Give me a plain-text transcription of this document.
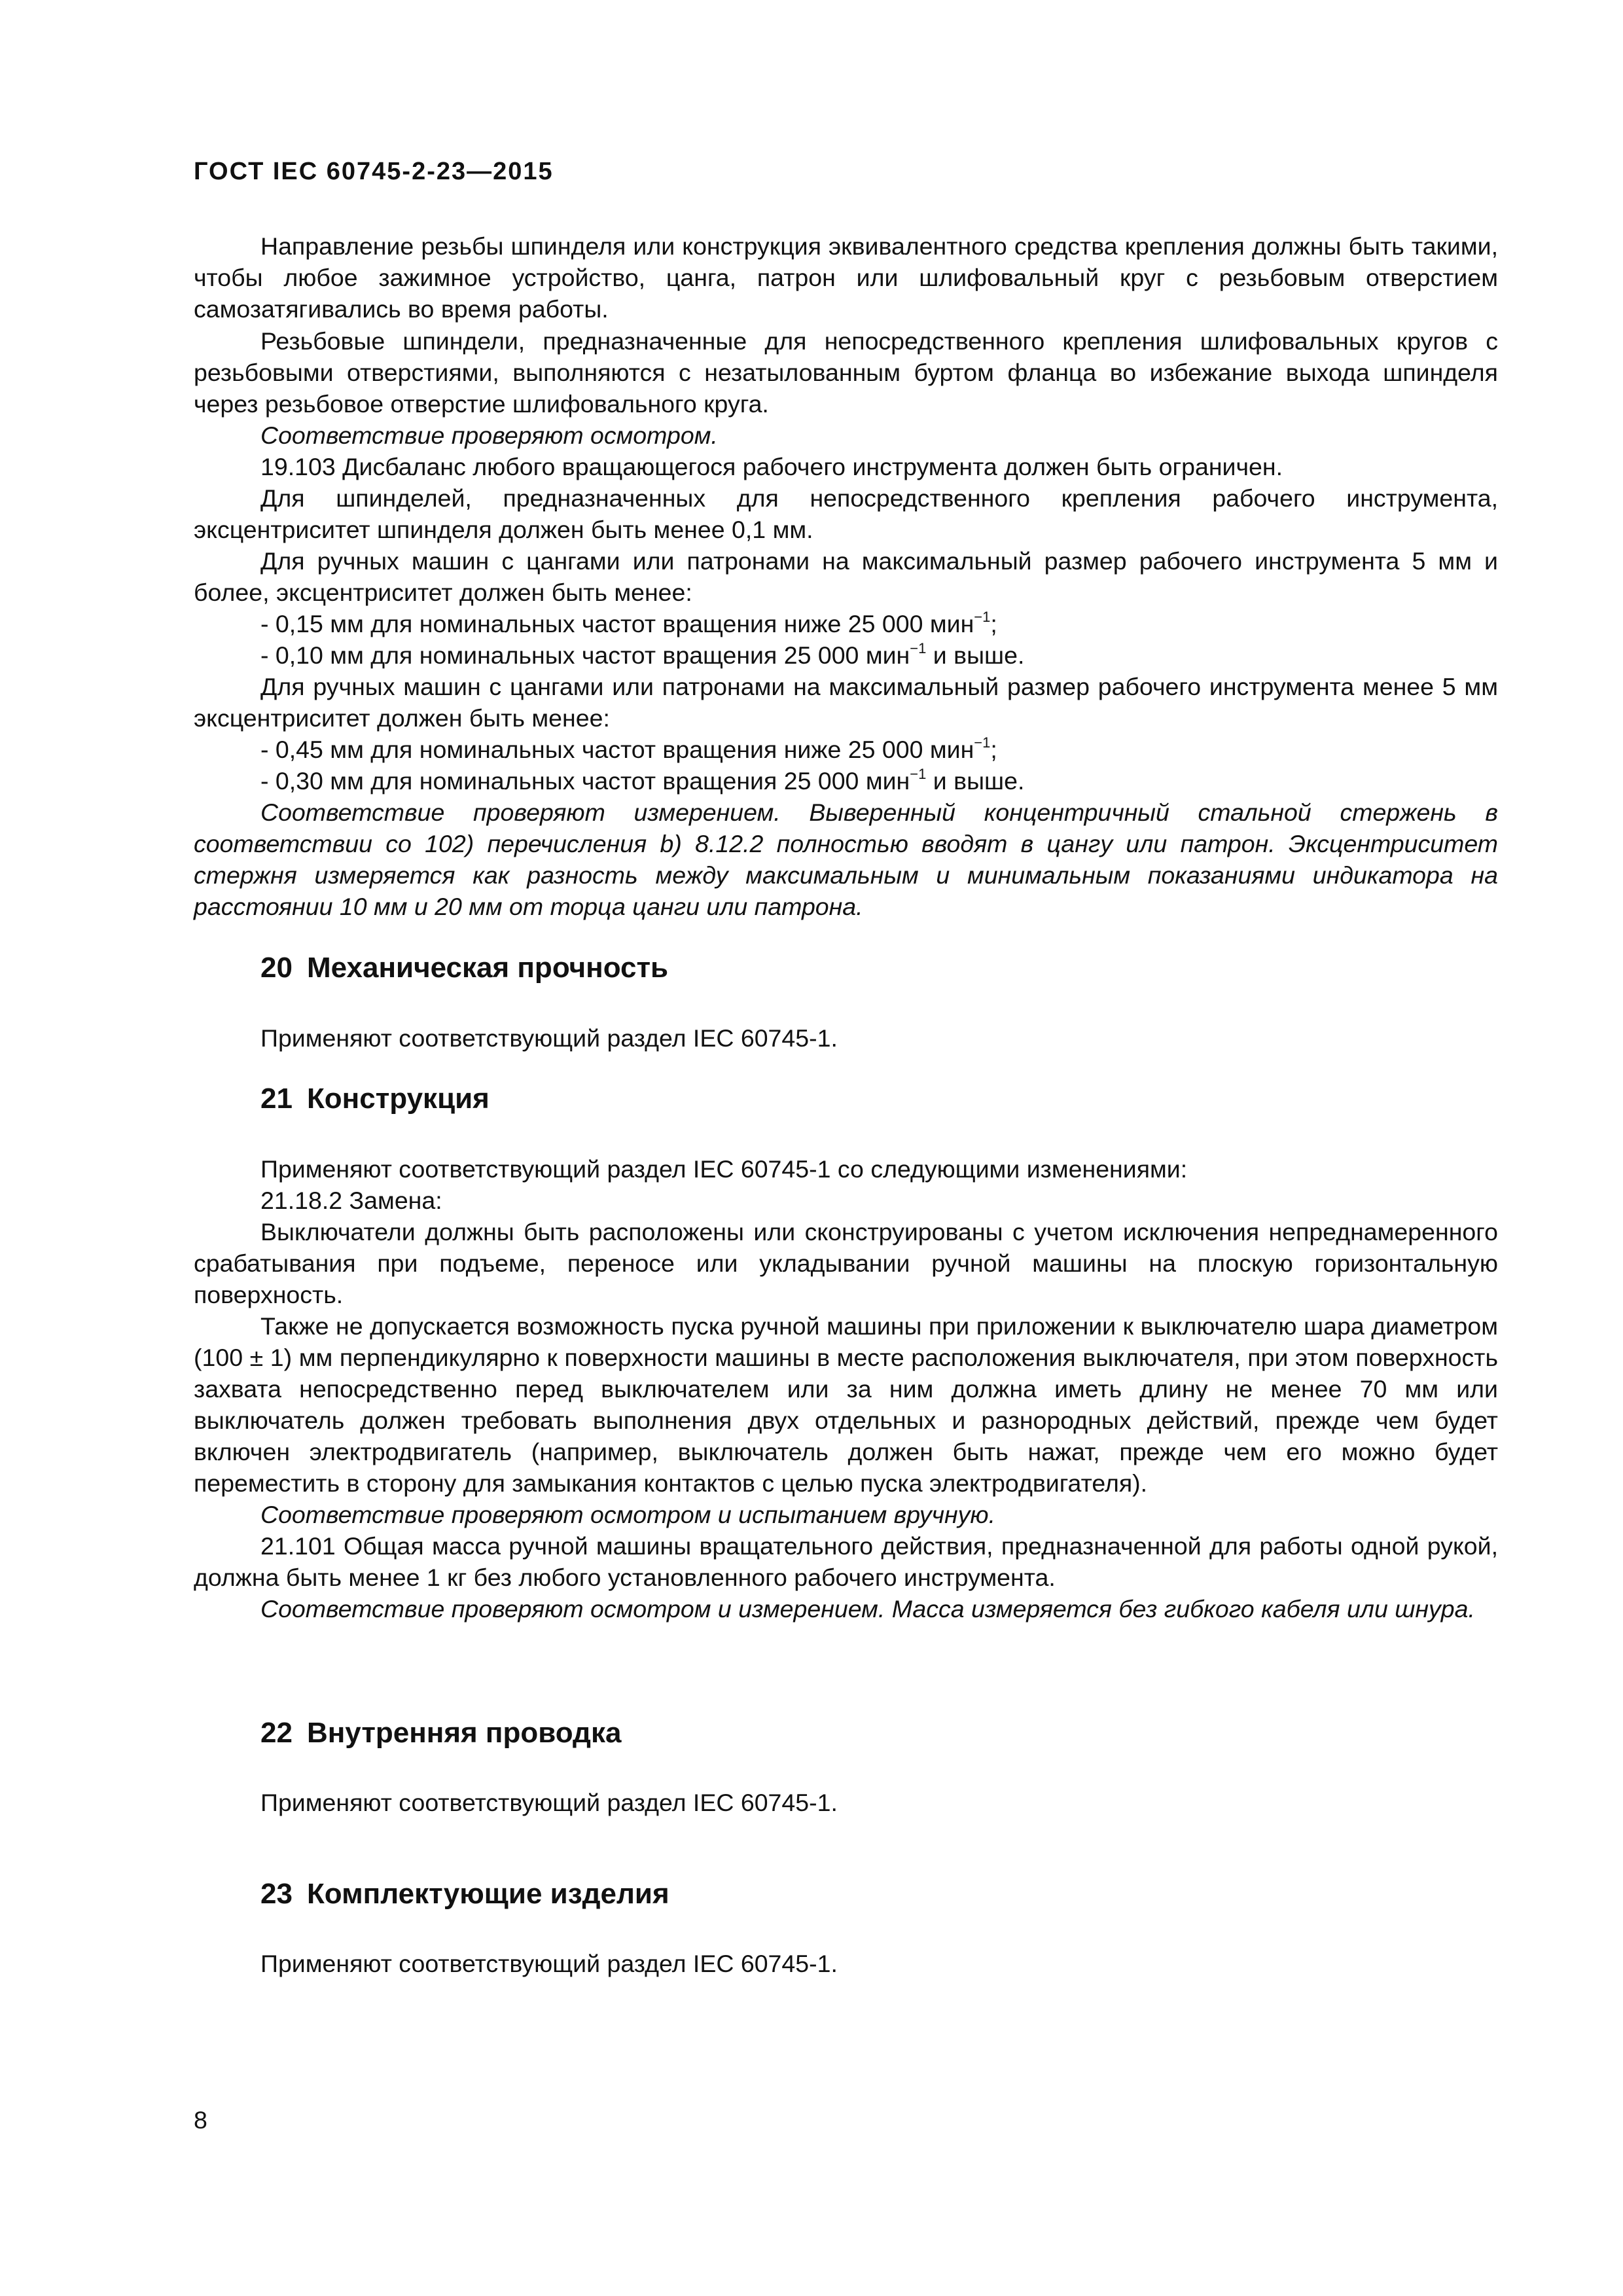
ГОСТ IEC 60745-2-23—2015
Направление резьбы шпинделя или конструкция эквивалентного средства крепления должны быть такими, чтобы любое зажимное устройство, цанга, патрон или шлифовальный круг с резьбовым отверстием самозатягивались во время работы.
Резьбовые шпиндели, предназначенные для непосредственного крепления шлифовальных кругов с резьбовыми отверстиями, выполняются с незатылованным буртом фланца во избежание выхода шпинделя через резьбовое отверстие шлифовального круга.
Соответствие проверяют осмотром.
19.103 Дисбаланс любого вращающегося рабочего инструмента должен быть ограничен.
Для шпинделей, предназначенных для непосредственного крепления рабочего инструмента, эксцентриситет шпинделя должен быть менее 0,1 мм.
Для ручных машин с цангами или патронами на максимальный размер рабочего инструмента 5 мм и более, эксцентриситет должен быть менее:
- 0,15 мм для номинальных частот вращения ниже 25 000 мин$^{-1}$;
- 0,10 мм для номинальных частот вращения 25 000 мин$^{-1}$ и выше.
Для ручных машин с цангами или патронами на максимальный размер рабочего инструмента менее 5 мм эксцентриситет должен быть менее:
- 0,45 мм для номинальных частот вращения ниже 25 000 мин$^{-1}$;
- 0,30 мм для номинальных частот вращения 25 000 мин$^{-1}$ и выше.
Соответствие проверяют измерением. Выверенный концентричный стальной стержень в соответствии со 102) перечисления b) 8.12.2 полностью вводят в цангу или патрон. Эксцентриситет стержня измеряется как разность между максимальным и минимальным показаниями индикатора на расстоянии 10 мм и 20 мм от торца цанги или патрона.
20 Механическая прочность
Применяют соответствующий раздел IEC 60745-1.
21 Конструкция
Применяют соответствующий раздел IEC 60745-1 со следующими изменениями:
21.18.2 Замена:
Выключатели должны быть расположены или сконструированы с учетом исключения непреднамеренного срабатывания при подъеме, переносе или укладывании ручной машины на плоскую горизонтальную поверхность.
Также не допускается возможность пуска ручной машины при приложении к выключателю шара диаметром (100 ± 1) мм перпендикулярно к поверхности машины в месте расположения выключателя, при этом поверхность захвата непосредственно перед выключателем или за ним должна иметь длину не менее 70 мм или выключатель должен требовать выполнения двух отдельных и разнородных действий, прежде чем будет включен электродвигатель (например, выключатель должен быть нажат, прежде чем его можно будет переместить в сторону для замыкания контактов с целью пуска электродвигателя).
Соответствие проверяют осмотром и испытанием вручную.
21.101 Общая масса ручной машины вращательного действия, предназначенной для работы одной рукой, должна быть менее 1 кг без любого установленного рабочего инструмента.
Соответствие проверяют осмотром и измерением. Масса измеряется без гибкого кабеля или шнура.
22 Внутренняя проводка
Применяют соответствующий раздел IEC 60745-1.
23 Комплектующие изделия
Применяют соответствующий раздел IEC 60745-1.
8
